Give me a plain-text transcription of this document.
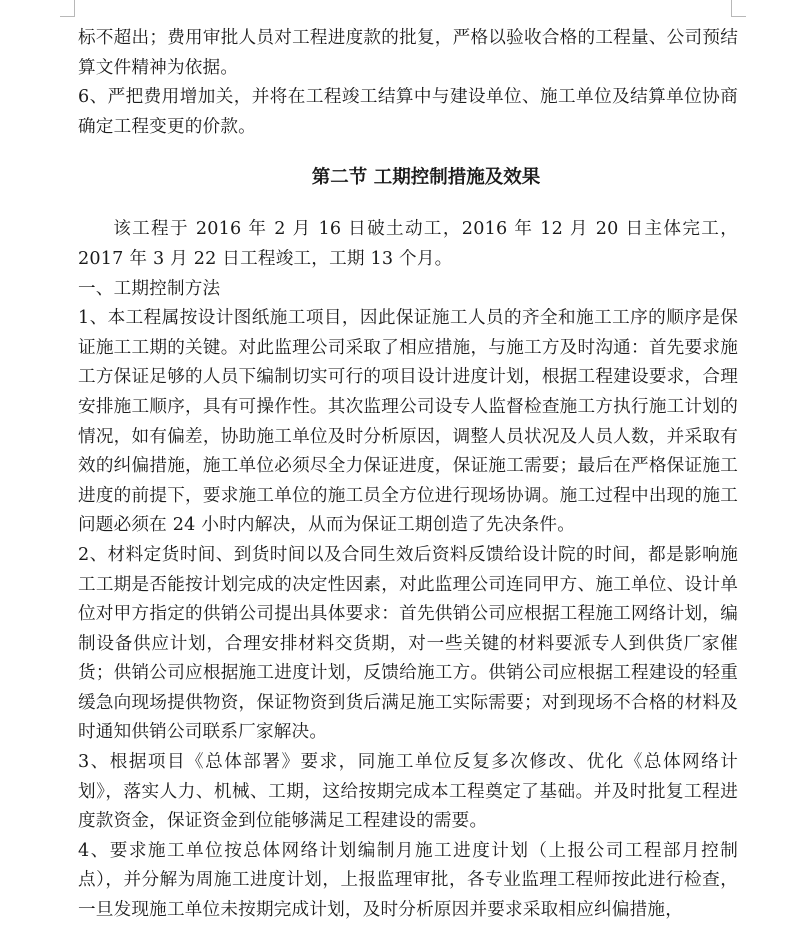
标不超出；费用审批人员对工程进度款的批复，严格以验收合格的工程量、公司预结算文件精神为依据。

6、严把费用增加关，并将在工程竣工结算中与建设单位、施工单位及结算单位协商确定工程变更的价款。

第二节 工期控制措施及效果

该工程于 2016 年 2 月 16 日破土动工，2016 年 12 月 20 日主体完工，2017 年 3 月 22 日工程竣工，工期 13 个月。

一、工期控制方法

1、本工程属按设计图纸施工项目，因此保证施工人员的齐全和施工工序的顺序是保证施工工期的关键。对此监理公司采取了相应措施，与施工方及时沟通：首先要求施工方保证足够的人员下编制切实可行的项目设计进度计划，根据工程建设要求，合理安排施工顺序，具有可操作性。其次监理公司设专人监督检查施工方执行施工计划的情况，如有偏差，协助施工单位及时分析原因，调整人员状况及人员人数，并采取有效的纠偏措施，施工单位必须尽全力保证进度，保证施工需要；最后在严格保证施工进度的前提下，要求施工单位的施工员全方位进行现场协调。施工过程中出现的施工问题必须在 24 小时内解决，从而为保证工期创造了先决条件。

2、材料定货时间、到货时间以及合同生效后资料反馈给设计院的时间，都是影响施工工期是否能按计划完成的决定性因素，对此监理公司连同甲方、施工单位、设计单位对甲方指定的供销公司提出具体要求：首先供销公司应根据工程施工网络计划，编制设备供应计划，合理安排材料交货期，对一些关键的材料要派专人到供货厂家催货；供销公司应根据施工进度计划，反馈给施工方。供销公司应根据工程建设的轻重缓急向现场提供物资，保证物资到货后满足施工实际需要；对到现场不合格的材料及时通知供销公司联系厂家解决。

3、根据项目《总体部署》要求，同施工单位反复多次修改、优化《总体网络计划》，落实人力、机械、工期，这给按期完成本工程奠定了基础。并及时批复工程进度款资金，保证资金到位能够满足工程建设的需要。

4、要求施工单位按总体网络计划编制月施工进度计划（上报公司工程部月控制点），并分解为周施工进度计划，上报监理审批，各专业监理工程师按此进行检查，一旦发现施工单位未按期完成计划，及时分析原因并要求采取相应纠偏措施，
